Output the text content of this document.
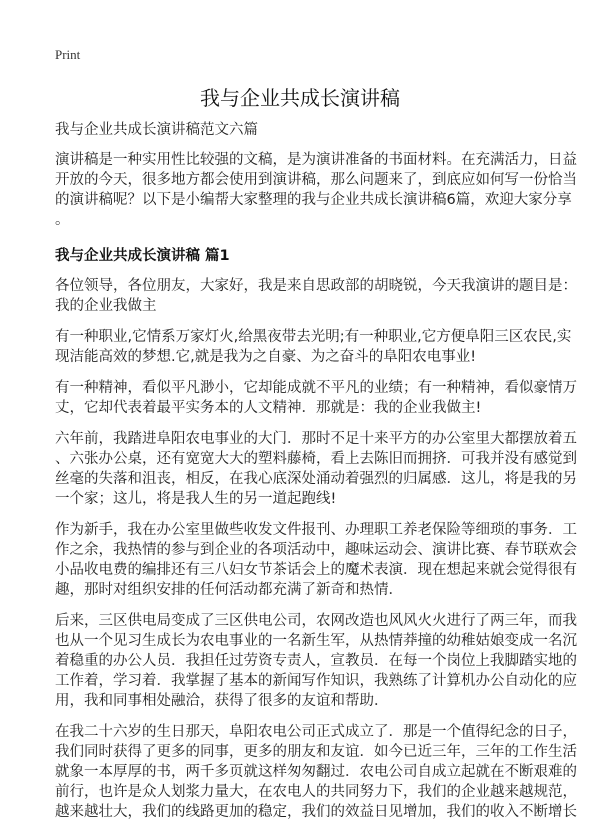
Print
我与企业共成长演讲稿
我与企业共成长演讲稿范文六篇
演讲稿是一种实用性比较强的文稿，是为演讲准备的书面材料。在充满活力，日益
开放的今天，很多地方都会使用到演讲稿，那么问题来了，到底应如何写一份恰当
的演讲稿呢？以下是小编帮大家整理的我与企业共成长演讲稿6篇，欢迎大家分享
。
我与企业共成长演讲稿 篇1
各位领导，各位朋友，大家好，我是来自思政部的胡晓锐，今天我演讲的题目是：
我的企业我做主
有一种职业,它情系万家灯火,给黑夜带去光明;有一种职业,它方便阜阳三区农民,实
现洁能高效的梦想.它,就是我为之自豪、为之奋斗的阜阳农电事业!
有一种精神，看似平凡渺小，它却能成就不平凡的业绩；有一种精神，看似豪情万
丈，它却代表着最平实务本的人文精神．那就是：我的企业我做主!
六年前，我踏进阜阳农电事业的大门．那时不足十来平方的办公室里大都摆放着五
、六张办公桌，还有宽宽大大的塑料藤椅，看上去陈旧而拥挤．可我并没有感觉到
丝毫的失落和沮丧，相反，在我心底深处涌动着强烈的归属感．这儿，将是我的另
一个家；这儿，将是我人生的另一道起跑线!
作为新手，我在办公室里做些收发文件报刊、办理职工养老保险等细琐的事务．工
作之余，我热情的参与到企业的各项活动中，趣味运动会、演讲比赛、春节联欢会
小品收电费的编排还有三八妇女节茶话会上的魔术表演．现在想起来就会觉得很有
趣，那时对组织安排的任何活动都充满了新奇和热情．
后来，三区供电局变成了三区供电公司，农网改造也风风火火进行了两三年，而我
也从一个见习生成长为农电事业的一名新生军，从热情莽撞的幼稚姑娘变成一名沉
着稳重的办公人员．我担任过劳资专责人，宣教员．在每一个岗位上我脚踏实地的
工作着，学习着．我掌握了基本的新闻写作知识，我熟练了计算机办公自动化的应
用，我和同事相处融洽，获得了很多的友谊和帮助．
在我二十六岁的生日那天，阜阳农电公司正式成立了．那是一个值得纪念的日子，
我们同时获得了更多的同事，更多的朋友和友谊．如今已近三年，三年的工作生活
就象一本厚厚的书，两千多页就这样匆匆翻过．农电公司自成立起就在不断艰难的
前行，也许是众人划浆力量大，在农电人的共同努力下，我们的企业越来越规范，
越来越壮大，我们的线路更加的稳定，我们的效益日见增加，我们的收入不断增长
